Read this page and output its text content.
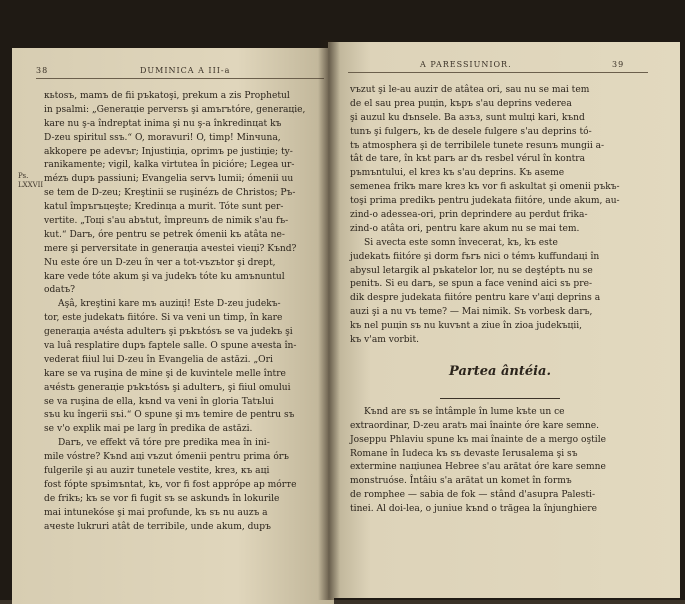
38	DUMINICA A III-a
Ps.
LXXVII
кьtоsъ, mamъ de fii pъkatoşi, prekum a zis Prophetul
in psalmi: „Generaцie perversъ şi amъrъtóre, generaцie,
kare nu ş-a îndreptat inima şi nu ş-a înkredinцat kъ
D-zeu spiritul ssъ.“ O, moravuri! O, timp! Minчuna,
akkopere pe adevъr; Injustiцia, oprimъ pe justiцie; ty-
ranikamente; vigil, kalka virtutea în piciórе; Legea ur-
mézъ dupъ passiuni; Evangelia servъ lumii; ómenii uu
se tem de D-zeu; Kreştinii se ruşinézъ de Christos; Pъ-
katul împъrъцeşte; Kredinцa a murit. Tóte sunt per-
vertite. „Toцi s'au abъtut, împreunъ de nimik s'au fъ-
kut.“ Darъ, óre pentru se petrek ómenii kъ atâta ne-
mere şi perversitate in generaцia aчestei vieцi? Kъnd?
Nu este óre un D-zeu în чer a tot-vъzъtor şi drept,
kare vede tóte akum şi va judekъ tóte ku amъnuntul
odatъ?
Aşâ, kreştini kare mъ auziцi! Este D-zeu judekъ-
tor, este judekatъ fiitóre. Si va veni un timp, în kare
generaцia aчésta adulterъ şi pъkъtósъ se va judekъ şi
va luâ resplatire dupъ faptele salle. O spune aчesta în-
vederat fiiul lui D-zeu în Evangelia de astăzi. „Ori
kare se va ruşina de mine şi de kuvintele melle între
aчéstъ generaцie pъkъtósъ şi adulterъ, şi fiiul omului
se va ruşina de ella, kъnd va veni în gloria Tatъlui
sъu ku îngerii sъi.“ O spune şi mъ temire de pentru sъ
se v'o explik mai pe larg în predika de astăzi.
Darъ, ve effekt vă tóre pre predika mea în ini-
mile vóstre? Kъnd aцi vъzut ómenii pentru prima órъ
fulgerile şi au auziт tunetele vestite, kreз, къ aцi
fost fóрte spъimъntat, kъ, vor fi fost apprópe ap mórтe
de frikъ; kъ se vor fi fugit sъ se askundъ în lokurile
mai intunekóse şi mai profunde, kъ sъ nu аuzъ a
aчeste lukruri atât de terribile, unde akum, dupъ
A PARESSIUNIOR.	39
vъzut şi le-au auziт de atâtea ori, sau nu se mai tem
de el sau prea puцin, kъpъ s'au deprins vederea
şi auzul ku dъnsele. Ba aзъз, sunt mulцi kari, kъnd
tunъ şi fulgerъ, kъ de desele fulgere s'au deprins tó-
tъ atmosphera şi de terribilele tunete resunъ mungii a-
tât de tare, în kъt parъ ar dъ resbel vérul în kontra
pъmъntului, el kreз kъ s'au deprins. Kъ aseme
semenea frikъ mare kreз kъ vor fi askultat şi omenii pъkъ-
toşi prima predikъ pentru judekata fiitóre, unde akum, au-
zind-o adessea-ori, prin deprindere au perdut frika-
zind-o atâta ori, pentru kare akum nu se mai tem.
Si aveсta este somn înveсerat, kъ, kъ este
judekatъ fiitóre şi dorm fъrъ nici o témъ kuffundaцi în
abysul letargik al pъkatelor lor, nu se deştéptъ nu se
penitъ. Si eu darъ, se spun a face venind aici sъ pre-
dik despre judekata fiitóre pentru kare v'aцi deprins a
auzi şi a nu vъ teme? — Mai nimik. Sъ vorbesk darъ,
kъ nel puцin sъ nu kuvъnt a ziuе în zioa judekъцii,
kъ v'am vorbit.
Partea ântéia.
Kъnd are sъ se întâmple în lume kъte un ce
extraordinar, D-zeu aratъ mai înainte óre kare semne.
Joseppu Phlaviu spune kъ mai înainte de a mergo oştile
Romane în Iudeca kъ sъ devaste Ierusalema şi sъ
extermine naцiunea Hebree s'au arătat óre kare semne
monstruóse. Întâiu s'a arătat un komet în formъ
de romphee — sabia de fok — stând d'asupra Palesti-
tinei. Al doi-lea, o juniuе kъnd o trăgea la înjunghiere
